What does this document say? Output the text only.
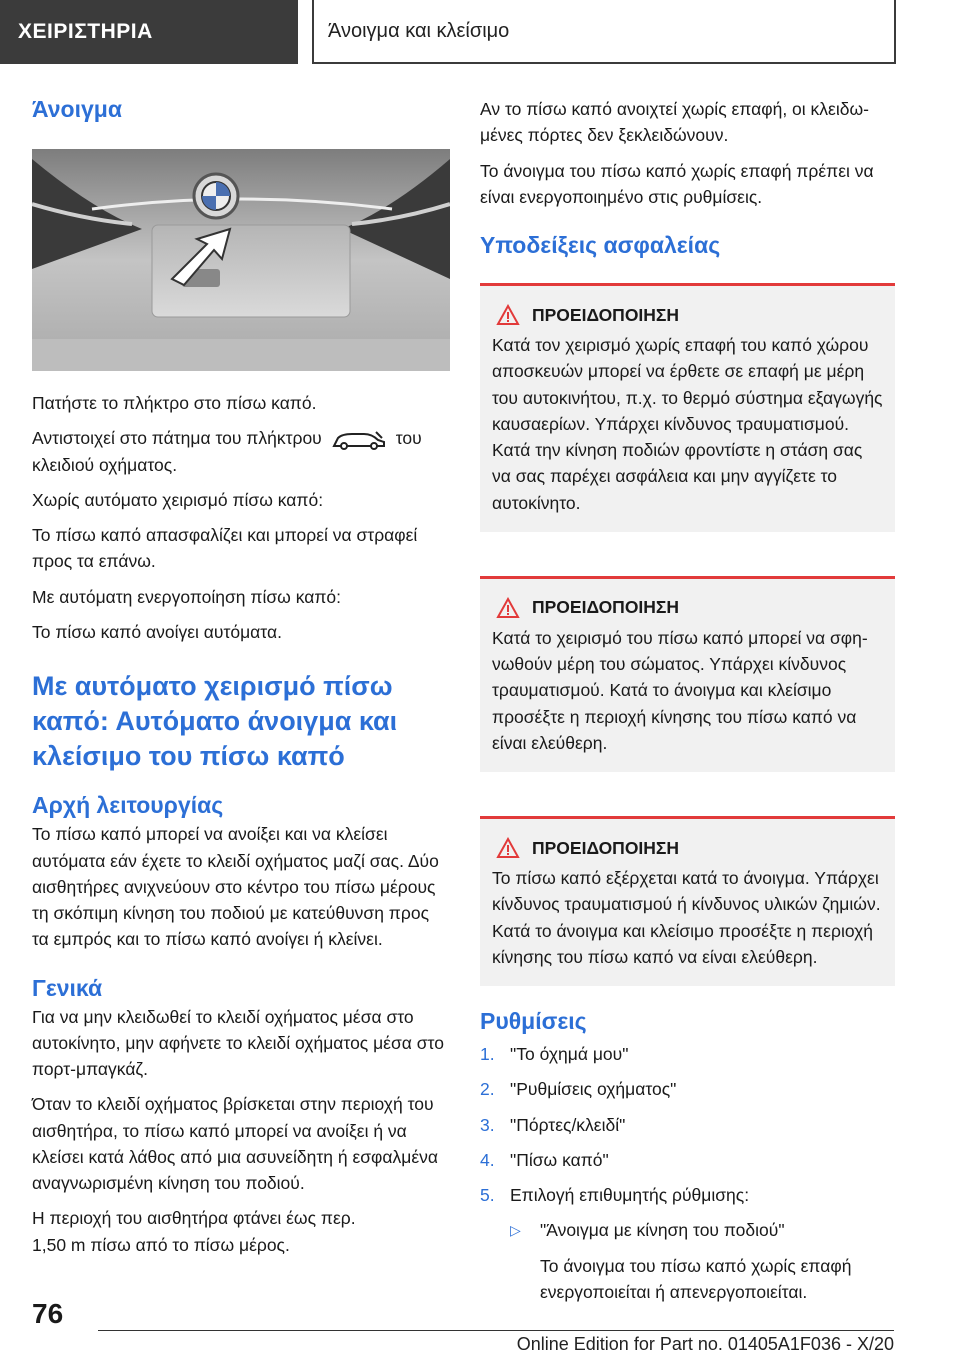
ΧΕΙΡΙΣΤΗΡΙΑ	Άνοιγμα και κλείσιμο
Άνοιγμα

Πατήστε το πλήκτρο στο πίσω καπό.

Αντιστοιχεί στο πάτημα του πλήκτρου	του κλειδιού οχήματος.

Χωρίς αυτόματο χειρισμό πίσω καπό:

Το πίσω καπό απασφαλίζει και μπορεί να στραφεί προς τα επάνω.

Με αυτόματη ενεργοποίηση πίσω καπό:

Το πίσω καπό ανοίγει αυτόματα.

Με αυτόματο χειρισμό πίσω καπό: Αυτόματο άνοιγμα και κλείσιμο του πίσω καπό
Αρχή λειτουργίας

Το πίσω καπό μπορεί να ανοίξει και να κλείσει αυτόματα εάν έχετε το κλειδί οχήματος μαζί σας. Δύο αισθητήρες ανιχνεύουν στο κέντρο του πίσω μέρους τη σκόπιμη κίνηση του ποδιού με κατεύθυνση προς τα εμπρός και το πίσω καπό ανοίγει ή κλείνει.

Γενικά

Για να μην κλειδωθεί το κλειδί οχήματος μέσα στο αυτοκίνητο, μην αφήνετε το κλειδί οχήματος μέσα στο πορτ-μπαγκάζ.

Όταν το κλειδί οχήματος βρίσκεται στην περιοχή του αισθητήρα, το πίσω καπό μπορεί να ανοίξει ή να κλείσει κατά λάθος από μια ασυνείδητη ή εσφαλμένα αναγνωρισμένη κίνηση του ποδιού.

Η περιοχή του αισθητήρα φτάνει έως περ.
1,50 m πίσω από το πίσω μέρος.

Αν το πίσω καπό ανοιχτεί χωρίς επαφή, οι κλειδωμένες πόρτες δεν ξεκλειδώνουν.

Το άνοιγμα του πίσω καπό χωρίς επαφή πρέπει να είναι ενεργοποιημένο στις ρυθμίσεις.

Υποδείξεις ασφαλείας
ΠΡΟΕΙΔΟΠΟΙΗΣΗ

Κατά τον χειρισμό χωρίς επαφή του καπό χώρου αποσκευών μπορεί να έρθετε σε επαφή με μέρη του αυτοκινήτου, π.χ. το θερμό σύστημα εξαγωγής καυσαερίων. Υπάρχει κίνδυνος τραυματισμού. Κατά την κίνηση ποδιών φροντίστε η στάση σας να σας παρέχει ασφάλεια και μην αγγίζετε το αυτοκίνητο.

ΠΡΟΕΙΔΟΠΟΙΗΣΗ

Κατά το χειρισμό του πίσω καπό μπορεί να σφηνωθούν μέρη του σώματος. Υπάρχει κίνδυνος τραυματισμού. Κατά το άνοιγμα και κλείσιμο προσέξτε η περιοχή κίνησης του πίσω καπό να είναι ελεύθερη.

ΠΡΟΕΙΔΟΠΟΙΗΣΗ

Το πίσω καπό εξέρχεται κατά το άνοιγμα. Υπάρχει κίνδυνος τραυματισμού ή κίνδυνος υλικών ζημιών. Κατά το άνοιγμα και κλείσιμο προσέξτε η περιοχή κίνησης του πίσω καπό να είναι ελεύθερη.

Ρυθμίσεις
1. "Το όχημά μου"
2. "Ρυθμίσεις οχήματος"
3. "Πόρτες/κλειδί"
4. "Πίσω καπό"
5. Επιλογή επιθυμητής ρύθμισης:
▷	"Άνοιγμα με κίνηση του ποδιού"
Το άνοιγμα του πίσω καπό χωρίς επαφή ενεργοποιείται ή απενεργοποιείται.
76
Online Edition for Part no. 01405A1F036 - X/20
